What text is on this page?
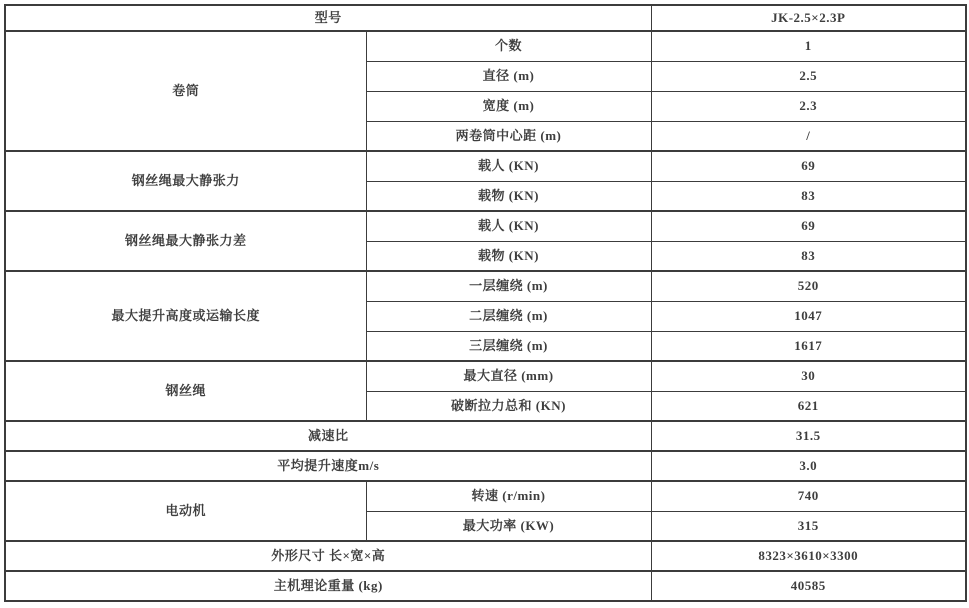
型号		JK-2.5×2.3P
卷筒	个数	1
	直径 (m)	2.5
	宽度 (m)	2.3
	两卷筒中心距 (m)	/
钢丝绳最大静张力	载人 (KN)	69
	载物 (KN)	83
钢丝绳最大静张力差	载人 (KN)	69
	载物 (KN)	83
最大提升高度或运输长度	一层缠绕 (m)	520
	二层缠绕 (m)	1047
	三层缠绕 (m)	1617
钢丝绳	最大直径 (mm)	30
	破断拉力总和 (KN)	621
减速比		31.5
平均提升速度m/s		3.0
电动机	转速 (r/min)	740
	最大功率 (KW)	315
外形尺寸 长×宽×高		8323×3610×3300
主机理论重量 (kg)		40585
